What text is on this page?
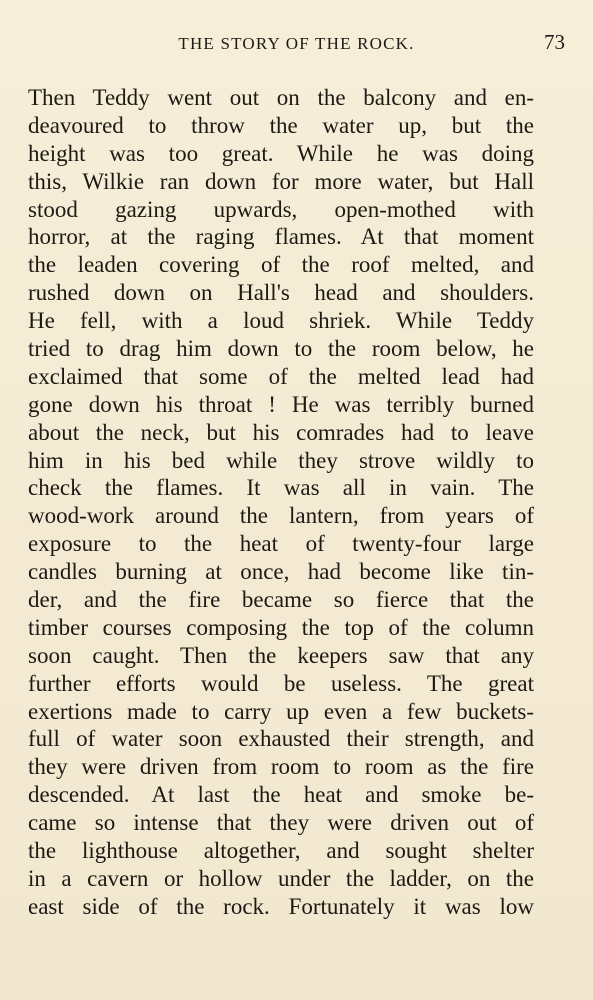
THE STORY OF THE ROCK.	73
Then Teddy went out on the balcony and en-
deavoured to throw the water up, but the
height was too great. While he was doing
this, Wilkie ran down for more water, but Hall
stood gazing upwards, open-mothed with
horror, at the raging flames. At that moment
the leaden covering of the roof melted, and
rushed down on Hall's head and shoulders.
He fell, with a loud shriek. While Teddy
tried to drag him down to the room below, he
exclaimed that some of the melted lead had
gone down his throat ! He was terribly burned
about the neck, but his comrades had to leave
him in his bed while they strove wildly to
check the flames. It was all in vain. The
wood-work around the lantern, from years of
exposure to the heat of twenty-four large
candles burning at once, had become like tin-
der, and the fire became so fierce that the
timber courses composing the top of the column
soon caught. Then the keepers saw that any
further efforts would be useless. The great
exertions made to carry up even a few buckets-
full of water soon exhausted their strength, and
they were driven from room to room as the fire
descended. At last the heat and smoke be-
came so intense that they were driven out of
the lighthouse altogether, and sought shelter
in a cavern or hollow under the ladder, on the
east side of the rock. Fortunately it was low
